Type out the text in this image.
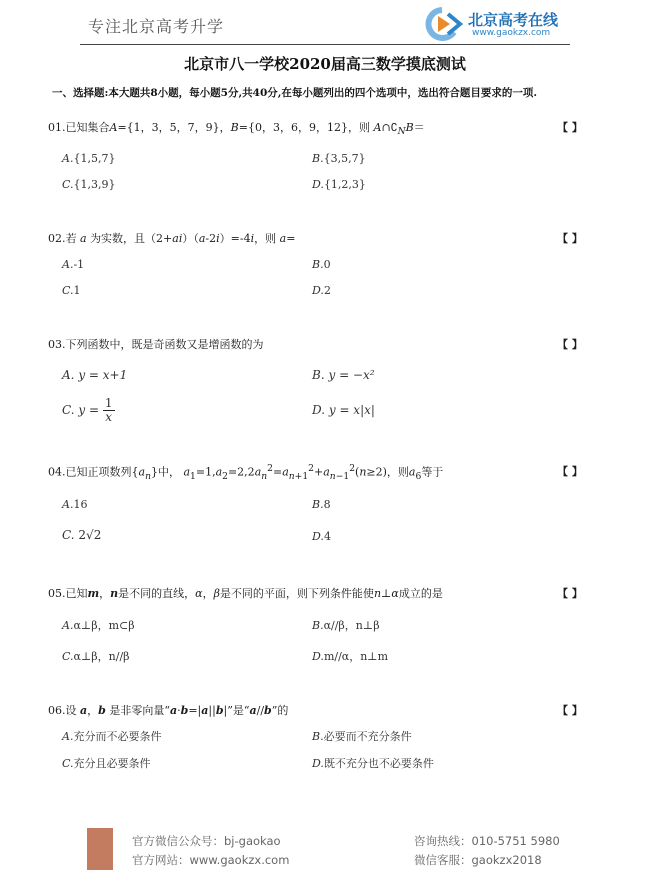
专注北京高考升学	北京高考在线
www.gaokzx.com
北京市八一学校2020届高三数学摸底测试
一、选择题:本大题共8小题，每小题5分,共40分,在每小题列出的四个选项中，选出符合题目要求的一项.
01.已知集合A={1，3，5，7，9}，B={0，3，6，9，12}，则 $A\cap∁_NB=$	【 】
A.{1,5,7}	B.{3,5,7}
C.{1,3,9}	D.{1,2,3}
02.若 a 为实数，且（2+ai）（a-2i）=-4i，则 a=	【 】
A.-1	B.0
C.1	D.2
03.下列函数中，既是奇函数又是增函数的为	【 】
A. y = x+1	B. y = −x²
C. $y = \frac{1}{x}$	D. y = x|x|
04.已知正项数列$\{a_n\}$中， $a_1=1,a_2=2,2a_n^2=a_{n+1}^2+a_{n-1}^2(n\ge 2)$，则$a_6$等于	【 】
A.16	B.8
C. 2√2	D.4
05.已知m，n是不同的直线，α，β是不同的平面，则下列条件能使n⊥α成立的是	【 】
A.α⊥β，m⊂β	B.α//β，n⊥β
C.α⊥β，n//β	D.m//α，n⊥m
06.设 a，b 是非零向量“a·b=|a||b|”是“a//b”的	【 】
A.充分而不必要条件	B.必要而不充分条件
C.充分且必要条件	D.既不充分也不必要条件
官方微信公众号：bj-gaokao
官方网站：www.gaokzx.com
咨询热线：010-5751 5980
微信客服：gaokzx2018
